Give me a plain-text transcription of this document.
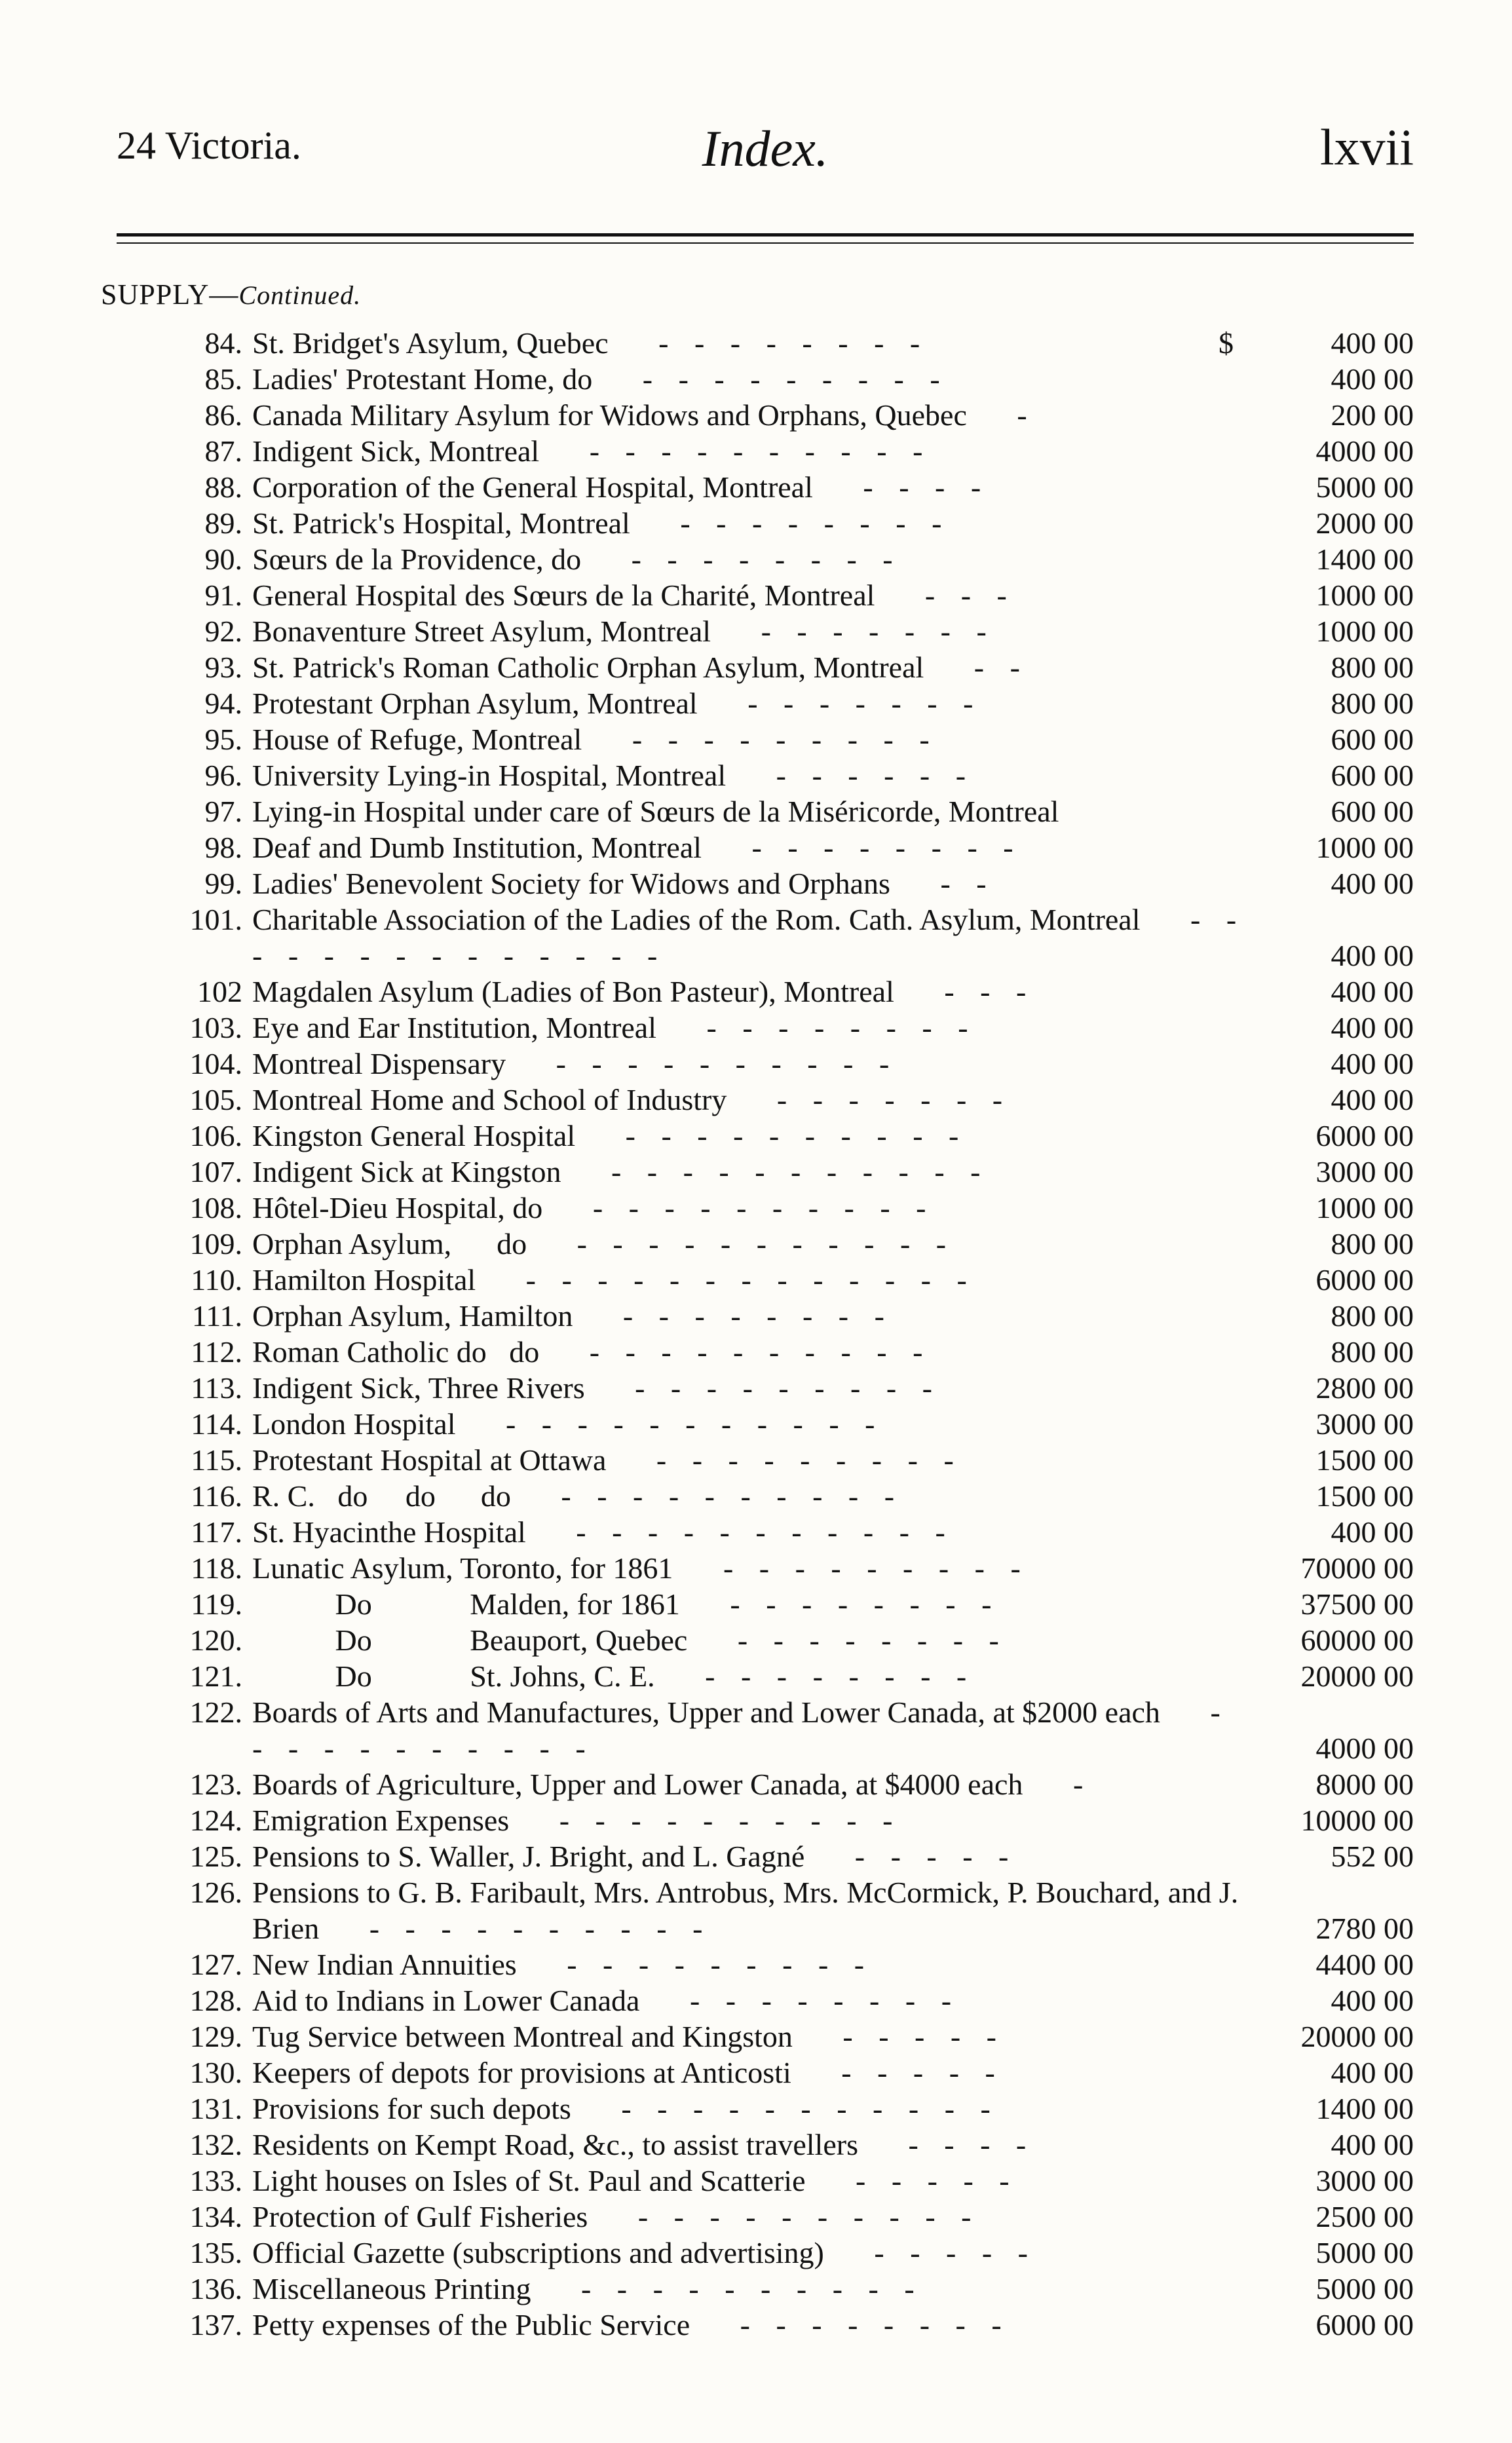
24 Victoria.	Index.	lxvii
SUPPLY—Continued.
84. St. Bridget's Asylum, Quebec   - - - - - - - -	$	400 00
85. Ladies' Protestant Home, do   - - - - - - - - -	400 00
86. Canada Military Asylum for Widows and Orphans, Quebec   -	200 00
87. Indigent Sick, Montreal   - - - - - - - - - -	4000 00
88. Corporation of the General Hospital, Montreal   - - - -	5000 00
89. St. Patrick's Hospital, Montreal   - - - - - - - -	2000 00
90. Sœurs de la Providence, do   - - - - - - - -	1400 00
91. General Hospital des Sœurs de la Charité, Montreal   - - -	1000 00
92. Bonaventure Street Asylum, Montreal   - - - - - - -	1000 00
93. St. Patrick's Roman Catholic Orphan Asylum, Montreal   - -	800 00
94. Protestant Orphan Asylum, Montreal   - - - - - - -	800 00
95. House of Refuge, Montreal   - - - - - - - - -	600 00
96. University Lying-in Hospital, Montreal   - - - - - -	600 00
97. Lying-in Hospital under care of Sœurs de la Miséricorde, Montreal	600 00
98. Deaf and Dumb Institution, Montreal   - - - - - - - -	1000 00
99. Ladies' Benevolent Society for Widows and Orphans   - -	400 00
101. Charitable Association of the Ladies of the Rom. Cath. Asylum, Montreal   - - - - - - - - - - - - - -	400 00
102 Magdalen Asylum (Ladies of Bon Pasteur), Montreal   - - -	400 00
103. Eye and Ear Institution, Montreal   - - - - - - - -	400 00
104. Montreal Dispensary   - - - - - - - - - -	400 00
105. Montreal Home and School of Industry   - - - - - - -	400 00
106. Kingston General Hospital   - - - - - - - - - -	6000 00
107. Indigent Sick at Kingston   - - - - - - - - - - -	3000 00
108. Hôtel-Dieu Hospital, do   - - - - - - - - - -	1000 00
109. Orphan Asylum,      do   - - - - - - - - - - -	800 00
110. Hamilton Hospital   - - - - - - - - - - - - -	6000 00
111. Orphan Asylum, Hamilton   - - - - - - - -	800 00
112. Roman Catholic do   do   - - - - - - - - - -	800 00
113. Indigent Sick, Three Rivers   - - - - - - - - -	2800 00
114. London Hospital   - - - - - - - - - - -	3000 00
115. Protestant Hospital at Ottawa   - - - - - - - - -	1500 00
116. R. C.   do     do      do   - - - - - - - - - -	1500 00
117. St. Hyacinthe Hospital   - - - - - - - - - - -	400 00
118. Lunatic Asylum, Toronto, for 1861   - - - - - - - - -	70000 00
119. Do             Malden, for 1861   - - - - - - - -	37500 00
120. Do             Beauport, Quebec   - - - - - - - -	60000 00
121. Do             St. Johns, C. E.   - - - - - - - -	20000 00
122. Boards of Arts and Manufactures, Upper and Lower Canada, at $2000 each   - - - - - - - - - - -	4000 00
123. Boards of Agriculture, Upper and Lower Canada, at $4000 each   -	8000 00
124. Emigration Expenses   - - - - - - - - - -	10000 00
125. Pensions to S. Waller, J. Bright, and L. Gagné   - - - - -	552 00
126. Pensions to G. B. Faribault, Mrs. Antrobus, Mrs. McCormick, P. Bouchard, and J. Brien   - - - - - - - - - -	2780 00
127. New Indian Annuities   - - - - - - - - -	4400 00
128. Aid to Indians in Lower Canada   - - - - - - - -	400 00
129. Tug Service between Montreal and Kingston   - - - - -	20000 00
130. Keepers of depots for provisions at Anticosti   - - - - -	400 00
131. Provisions for such depots   - - - - - - - - - - -	1400 00
132. Residents on Kempt Road, &c., to assist travellers   - - - -	400 00
133. Light houses on Isles of St. Paul and Scatterie   - - - - -	3000 00
134. Protection of Gulf Fisheries   - - - - - - - - - -	2500 00
135. Official Gazette (subscriptions and advertising)   - - - - -	5000 00
136. Miscellaneous Printing   - - - - - - - - - -	5000 00
137. Petty expenses of the Public Service   - - - - - - - -	6000 00
